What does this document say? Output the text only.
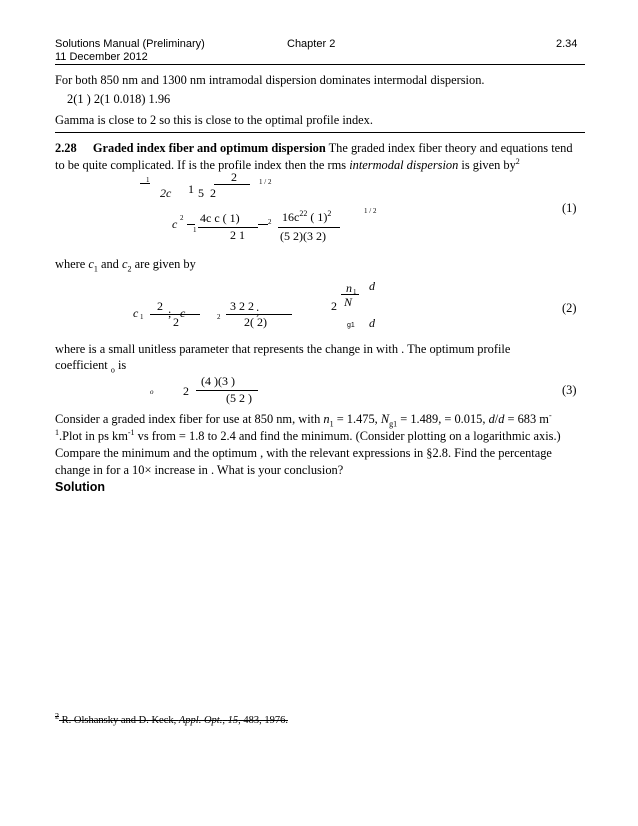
Solutions Manual (Preliminary)	Chapter 2	2.34
11 December 2012
For both 850 nm and 1300 nm intramodal dispersion dominates intermodal dispersion.
2(1 ) 2(1 0.018) 1.96
Gamma is close to 2 so this is close to the optimal profile index.
2.28 Graded index fiber and optimum dispersion The graded index fiber theory and equations tend
to be quite complicated. If is the profile index then the rms intermodal dispersion is given $by^2$
1	2	1 / 2
2c 1 5 2
c 2
1
4c c ( 1)
2 1
2 $16c^{22}$ ( 1)$^2$
(5 2)(3 2)
1 / 2	(1)
where $c_1$ and $c_2$ are given by
c 1
2 ; c
2	2
3 2 2 ;
2( 2)
2
n 1
N
d
g1 d
(2)
where is a small unitless parameter that represents the change in with . The optimum profile
coefficient $_o$ is
o 2
(4 )(3 )
(5 2 )
(3)
Consider a graded index fiber for use at 850 nm, with $n_1 = 1.475$, $N_{g1} = 1.489$, = 0.015, d/d = 683 m-
$^1$.Plot in ps $km^{-1}$ vs from = 1.8 to 2.4 and find the minimum. (Consider plotting on a logarithmic axis.)
Compare the minimum and the optimum , with the relevant expressions in §2.8. Find the percentage
change in for a 10× increase in . What is your conclusion?
Solution
$^2$ R. Olshansky and D. Keck, Appl. Opt., 15, 483, 1976.
